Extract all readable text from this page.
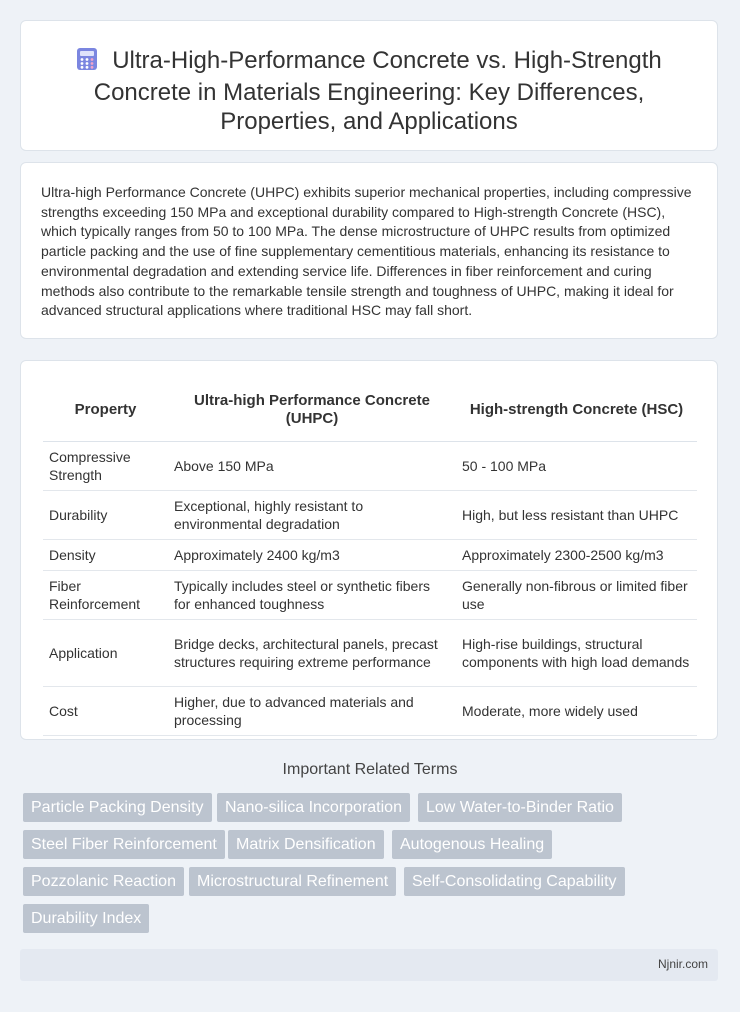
Ultra-High-Performance Concrete vs. High-Strength Concrete in Materials Engineering: Key Differences, Properties, and Applications
Ultra-high Performance Concrete (UHPC) exhibits superior mechanical properties, including compressive strengths exceeding 150 MPa and exceptional durability compared to High-strength Concrete (HSC), which typically ranges from 50 to 100 MPa. The dense microstructure of UHPC results from optimized particle packing and the use of fine supplementary cementitious materials, enhancing its resistance to environmental degradation and extending service life. Differences in fiber reinforcement and curing methods also contribute to the remarkable tensile strength and toughness of UHPC, making it ideal for advanced structural applications where traditional HSC may fall short.
Property	Ultra-high Performance Concrete (UHPC)	High-strength Concrete (HSC)
Compressive Strength	Above 150 MPa	50 - 100 MPa
Durability	Exceptional, highly resistant to environmental degradation	High, but less resistant than UHPC
Density	Approximately 2400 kg/m3	Approximately 2300-2500 kg/m3
Fiber Reinforcement	Typically includes steel or synthetic fibers for enhanced toughness	Generally non-fibrous or limited fiber use
Application	Bridge decks, architectural panels, precast structures requiring extreme performance	High-rise buildings, structural components with high load demands
Cost	Higher, due to advanced materials and processing	Moderate, more widely used
Important Related Terms
Particle Packing Density	Nano-silica Incorporation	Low Water-to-Binder Ratio
Steel Fiber Reinforcement	Matrix Densification	Autogenous Healing
Pozzolanic Reaction	Microstructural Refinement	Self-Consolidating Capability
Durability Index
Njnir.com
